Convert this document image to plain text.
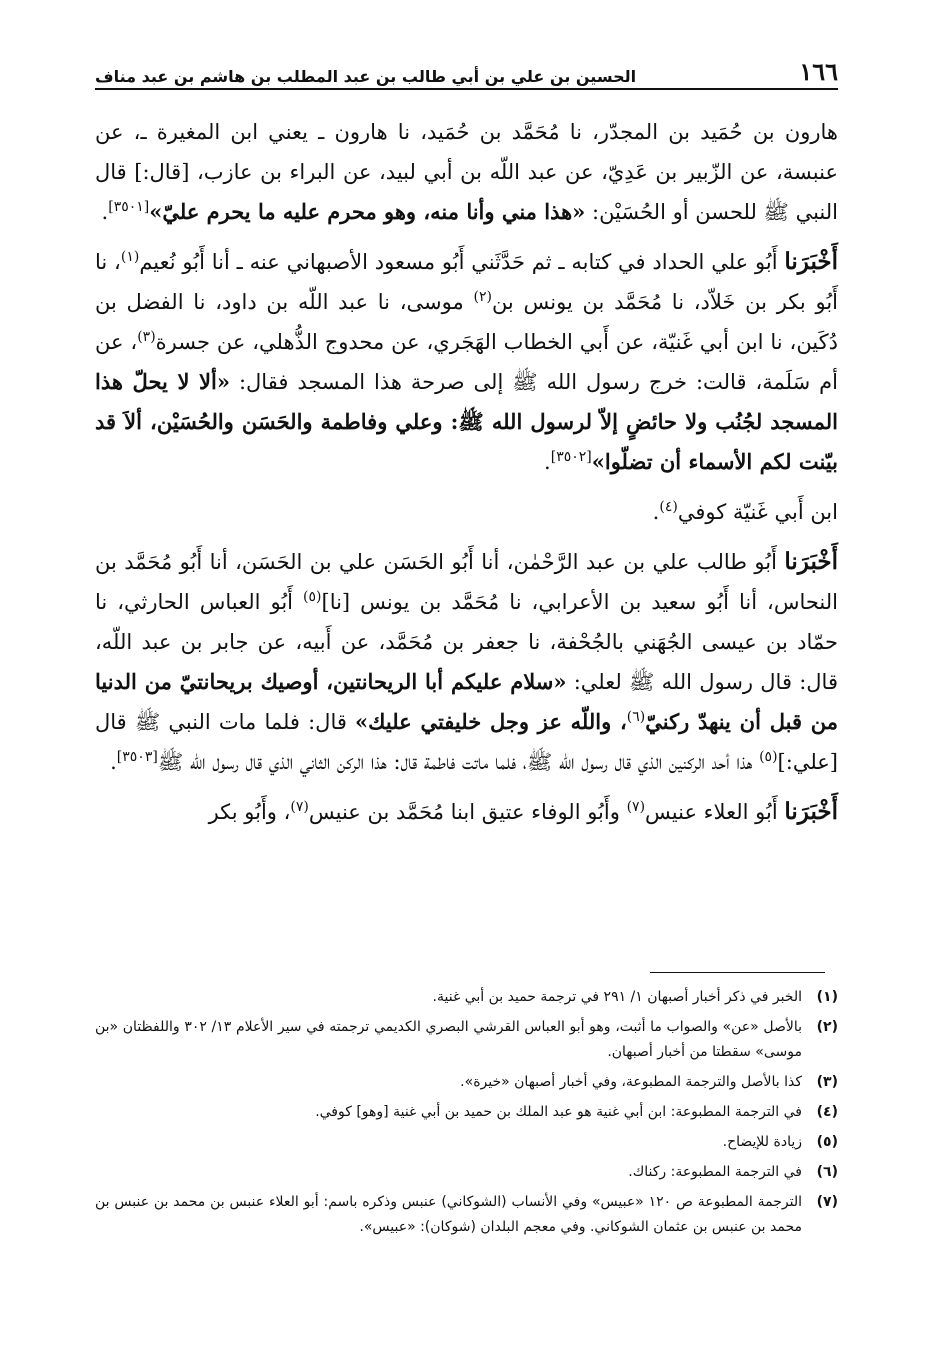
١٦٦
الحسين بن علي بن أبي طالب بن عبد المطلب بن هاشم بن عبد مناف

هارون بن حُمَيد بن المجدّر، نا مُحَمَّد بن حُمَيد، نا هارون ـ يعني ابن المغيرة ـ، عن عنبسة، عن الزّبير بن عَدِيّ، عن عبد اللّه بن أبي لبيد، عن البراء بن عازب، [قال:] قال النبي ﷺ للحسن أو الحُسَيْن: «هذا مني وأنا منه، وهو محرم عليه ما يحرم عليّ»[٣٥٠١].

أَخْبَرَنا أَبُو علي الحداد في كتابه ـ ثم حَدَّثَني أَبُو مسعود الأصبهاني عنه ـ أنا أَبُو نُعيم$^{(١)}$، نا أَبُو بكر بن خَلاّد، نا مُحَمَّد بن يونس بن$^{(٢)}$ موسى، نا عبد اللّه بن داود، نا الفضل بن دُكَين، نا ابن أبي غَنيّة، عن أَبي الخطاب الهَجَري، عن محدوج الذُّهلي، عن جسرة$^{(٣)}$، عن أم سَلَمة، قالت: خرج رسول الله ﷺ إلى صرحة هذا المسجد فقال: «ألا لا يحلّ هذا المسجد لجُنُب ولا حائضٍ إلاّ لرسول الله ﷺ: وعلي وفاطمة والحَسَن والحُسَيْن، ألاَ قد بيّنت لكم الأسماء أن تضلّوا»[٣٥٠٢].

ابن أَبي غَنيّة كوفي$^{(٤)}$.

أَخْبَرَنا أَبُو طالب علي بن عبد الرَّحْمٰن، أنا أَبُو الحَسَن علي بن الحَسَن، أنا أَبُو مُحَمَّد بن النحاس، أنا أَبُو سعيد بن الأعرابي، نا مُحَمَّد بن يونس [نا]$^{(٥)}$ أَبُو العباس الحارثي، نا حمّاد بن عيسى الجُهَني بالجُحْفة، نا جعفر بن مُحَمَّد، عن أَبيه، عن جابر بن عبد اللّه، قال: قال رسول الله ﷺ لعلي: «سلام عليكم أبا الريحانتين، أوصيك بريحانتيّ من الدنيا من قبل أن ينهدّ ركنيّ$^{(٦)}$، واللّه عز وجل خليفتي عليك» قال: فلما مات النبي ﷺ قال [علي:]$^{(٥)}$ هذا أحد الركنين الذي قال رسول الله ﷺ، فلما ماتت فاطمة قال: هذا الركن الثاني الذي قال رسول الله ﷺ[٣٥٠٣].

أَخْبَرَنا أَبُو العلاء عنيس$^{(٧)}$ وأَبُو الوفاء عتيق ابنا مُحَمَّد بن عنيس$^{(٧)}$، وأَبُو بكر

(١)
الخبر في ذكر أخبار أصبهان ١/ ٢٩١ في ترجمة حميد بن أبي غنية.
(٢)
بالأصل «عن» والصواب ما أثبت، وهو أبو العباس القرشي البصري الكديمي ترجمته في سير الأعلام ١٣/ ٣٠٢ واللفظتان «بن موسى» سقطتا من أخبار أصبهان.
(٣)
كذا بالأصل والترجمة المطبوعة، وفي أخبار أصبهان «خيرة».
(٤)
في الترجمة المطبوعة: ابن أبي غنية هو عبد الملك بن حميد بن أبي غنية [وهو] كوفي.
(٥)
زيادة للإيضاح.
(٦)
في الترجمة المطبوعة: ركناك.
(٧)
الترجمة المطبوعة ص ١٢٠ «عبيس» وفي الأنساب (الشوكاني) عنبس وذكره باسم: أبو العلاء عنبس بن محمد بن عنبس بن محمد بن عنبس بن عثمان الشوكاني. وفي معجم البلدان (شوكان): «عبيس».
